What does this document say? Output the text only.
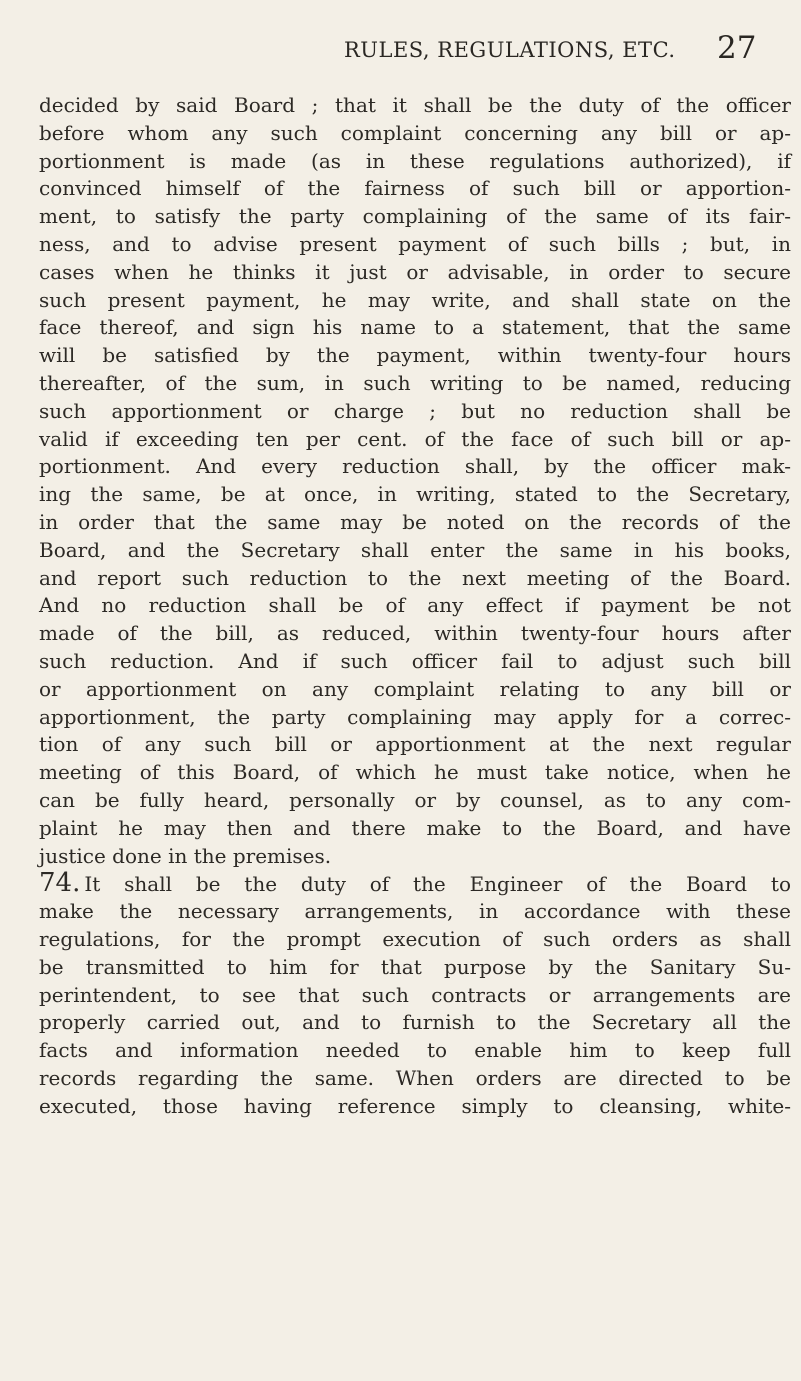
RULES, REGULATIONS, ETC. 27
decided by said Board ; that it shall be the duty of the officer
before whom any such complaint concerning any bill or ap-
portionment is made (as in these regulations authorized), if
convinced himself of the fairness of such bill or apportion-
ment, to satisfy the party complaining of the same of its fair-
ness, and to advise present payment of such bills ; but, in
cases when he thinks it just or advisable, in order to secure
such present payment, he may write, and shall state on the
face thereof, and sign his name to a statement, that the same
will be satisfied by the payment, within twenty-four hours
thereafter, of the sum, in such writing to be named, reducing
such apportionment or charge ; but no reduction shall be
valid if exceeding ten per cent. of the face of such bill or ap-
portionment. And every reduction shall, by the officer mak-
ing the same, be at once, in writing, stated to the Secretary,
in order that the same may be noted on the records of the
Board, and the Secretary shall enter the same in his books,
and report such reduction to the next meeting of the Board.
And no reduction shall be of any effect if payment be not
made of the bill, as reduced, within twenty-four hours after
such reduction. And if such officer fail to adjust such bill
or apportionment on any complaint relating to any bill or
apportionment, the party complaining may apply for a correc-
tion of any such bill or apportionment at the next regular
meeting of this Board, of which he must take notice, when he
can be fully heard, personally or by counsel, as to any com-
plaint he may then and there make to the Board, and have
justice done in the premises.
74. It shall be the duty of the Engineer of the Board to
make the necessary arrangements, in accordance with these
regulations, for the prompt execution of such orders as shall
be transmitted to him for that purpose by the Sanitary Su-
perintendent, to see that such contracts or arrangements are
properly carried out, and to furnish to the Secretary all the
facts and information needed to enable him to keep full
records regarding the same. When orders are directed to be
executed, those having reference simply to cleansing, white-
